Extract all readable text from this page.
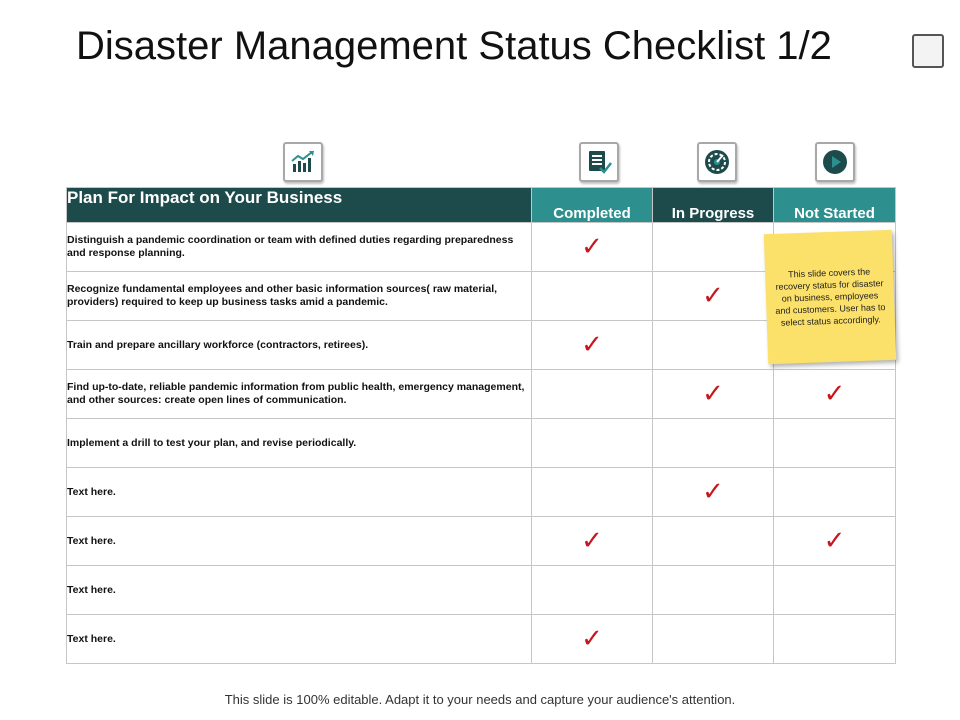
Disaster Management Status Checklist 1/2
Plan For Impact on Your Business	Completed	In Progress	Not Started
Distinguish a pandemic coordination or team with defined duties regarding preparedness and response planning.	✓		
Recognize fundamental employees and other basic information sources( raw material, providers) required to keep up business tasks amid a pandemic.		✓	
Train and prepare ancillary workforce (contractors, retirees).	✓		
Find up-to-date, reliable pandemic information from public health, emergency management, and other sources: create open lines of communication.		✓	✓
Implement a drill to test your plan, and revise periodically.			
Text here.		✓	
Text here.	✓		✓
Text here.			
Text here.	✓		
This slide covers the recovery status for disaster on business, employees and customers. User has to select status accordingly.
This slide is 100% editable. Adapt it to your needs and capture your audience's attention.
